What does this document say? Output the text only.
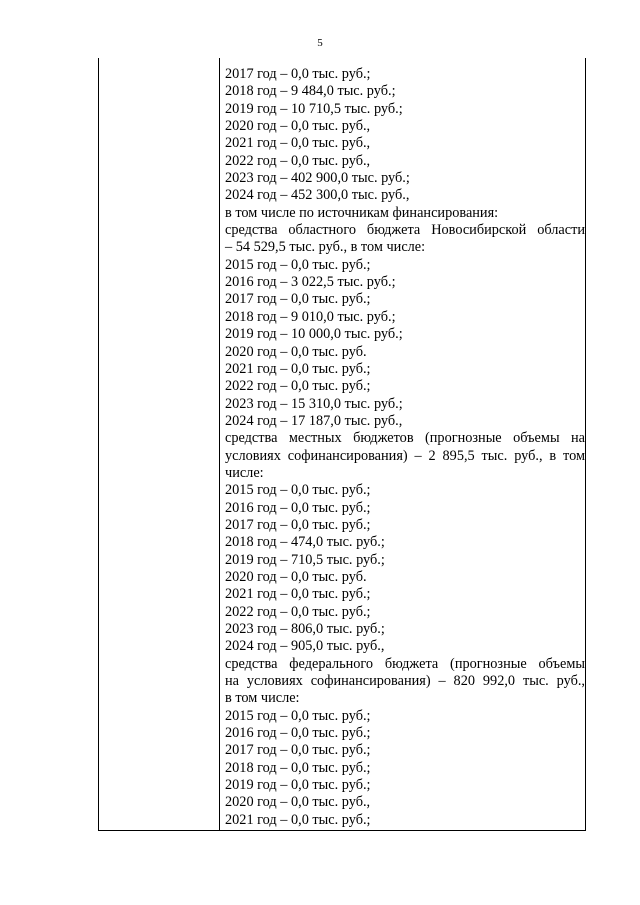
5
2017 год – 0,0 тыс. руб.;
2018 год – 9 484,0 тыс. руб.;
2019 год – 10 710,5 тыс. руб.;
2020 год – 0,0 тыс. руб.,
2021 год – 0,0 тыс. руб.,
2022 год – 0,0 тыс. руб.,
2023 год – 402 900,0 тыс. руб.;
2024 год – 452 300,0 тыс. руб.,
в том числе по источникам финансирования:
средства областного бюджета Новосибирской области
– 54 529,5 тыс. руб., в том числе:
2015 год – 0,0 тыс. руб.;
2016 год – 3 022,5 тыс. руб.;
2017 год – 0,0 тыс. руб.;
2018 год – 9 010,0 тыс. руб.;
2019 год – 10 000,0 тыс. руб.;
2020 год – 0,0 тыс. руб.
2021 год – 0,0 тыс. руб.;
2022 год – 0,0 тыс. руб.;
2023 год – 15 310,0 тыс. руб.;
2024 год – 17 187,0 тыс. руб.,
средства местных бюджетов (прогнозные объемы на
условиях софинансирования) – 2 895,5 тыс. руб., в том
числе:
2015 год – 0,0 тыс. руб.;
2016 год – 0,0 тыс. руб.;
2017 год – 0,0 тыс. руб.;
2018 год – 474,0 тыс. руб.;
2019 год – 710,5 тыс. руб.;
2020 год – 0,0 тыс. руб.
2021 год – 0,0 тыс. руб.;
2022 год – 0,0 тыс. руб.;
2023 год – 806,0 тыс. руб.;
2024 год – 905,0 тыс. руб.,
средства федерального бюджета (прогнозные объемы
на условиях софинансирования) – 820 992,0 тыс. руб.,
в том числе:
2015 год – 0,0 тыс. руб.;
2016 год – 0,0 тыс. руб.;
2017 год – 0,0 тыс. руб.;
2018 год – 0,0 тыс. руб.;
2019 год – 0,0 тыс. руб.;
2020 год – 0,0 тыс. руб.,
2021 год – 0,0 тыс. руб.;
